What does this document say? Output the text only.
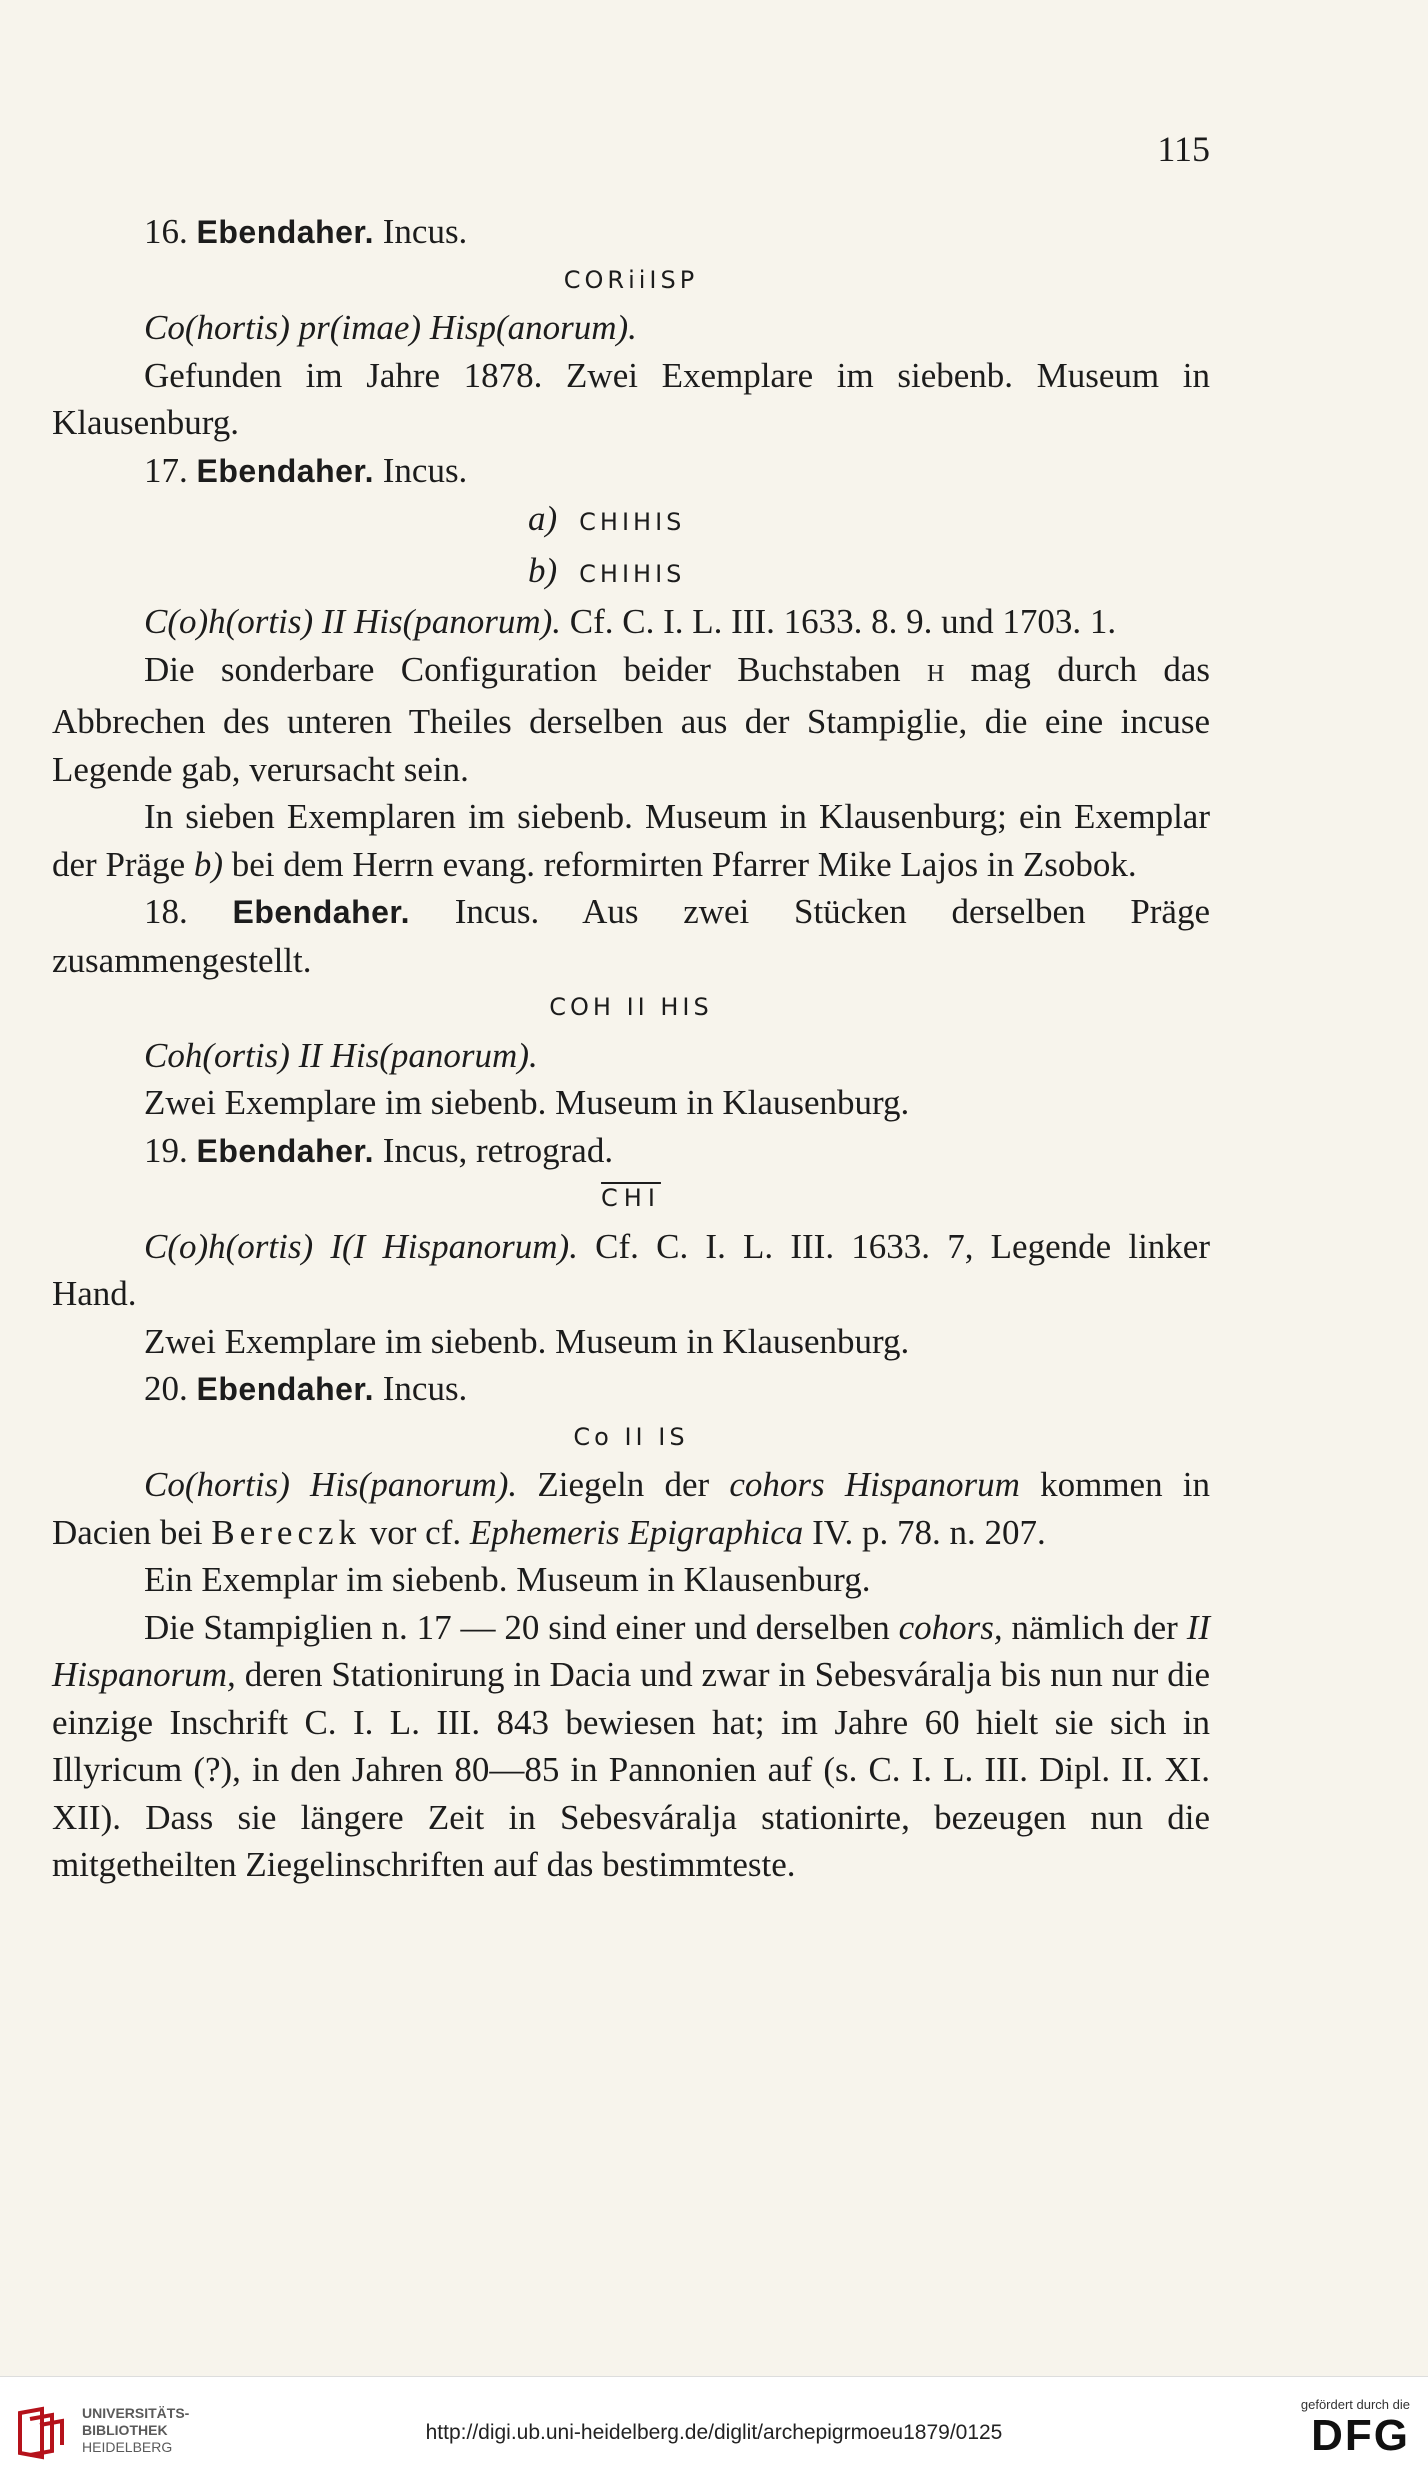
115

16. Ebendaher. Incus.

CORiiISP

Co(hortis) pr(imae) Hisp(anorum).

Gefunden im Jahre 1878. Zwei Exemplare im siebenb. Museum in Klausenburg.

17. Ebendaher. Incus.

a) CHIHIS

b) CHIHIS

C(o)h(ortis) II His(panorum). Cf. C. I. L. III. 1633. 8. 9. und 1703. 1.

Die sonderbare Configuration beider Buchstaben H mag durch das Abbrechen des unteren Theiles derselben aus der Stampiglie, die eine incuse Legende gab, verursacht sein.

In sieben Exemplaren im siebenb. Museum in Klausenburg; ein Exemplar der Präge b) bei dem Herrn evang. reformirten Pfarrer Mike Lajos in Zsobok.

18. Ebendaher. Incus. Aus zwei Stücken derselben Präge zusammengestellt.

COH II HIS

Coh(ortis) II His(panorum).

Zwei Exemplare im siebenb. Museum in Klausenburg.

19. Ebendaher. Incus, retrograd.

$\overline{CHI}$

C(o)h(ortis) I(I Hispanorum). Cf. C. I. L. III. 1633. 7, Legende linker Hand.

Zwei Exemplare im siebenb. Museum in Klausenburg.

20. Ebendaher. Incus.

Co II IS

Co(hortis) His(panorum). Ziegeln der cohors Hispanorum kommen in Dacien bei Bereczk vor cf. Ephemeris Epigraphica IV. p. 78. n. 207.

Ein Exemplar im siebenb. Museum in Klausenburg.

Die Stampiglien n. 17 — 20 sind einer und derselben cohors, nämlich der II Hispanorum, deren Stationirung in Dacia und zwar in Sebesváralja bis nun nur die einzige Inschrift C. I. L. III. 843 bewiesen hat; im Jahre 60 hielt sie sich in Illyricum (?), in den Jahren 80—85 in Pannonien auf (s. C. I. L. III. Dipl. II. XI. XII). Dass sie längere Zeit in Sebesváralja stationirte, bezeugen nun die mitgetheilten Ziegelinschriften auf das bestimmteste.

UNIVERSITÄTS-
BIBLIOTHEK
HEIDELBERG
http://digi.ub.uni-heidelberg.de/diglit/archepigrmoeu1879/0125
gefördert durch die
DFG
